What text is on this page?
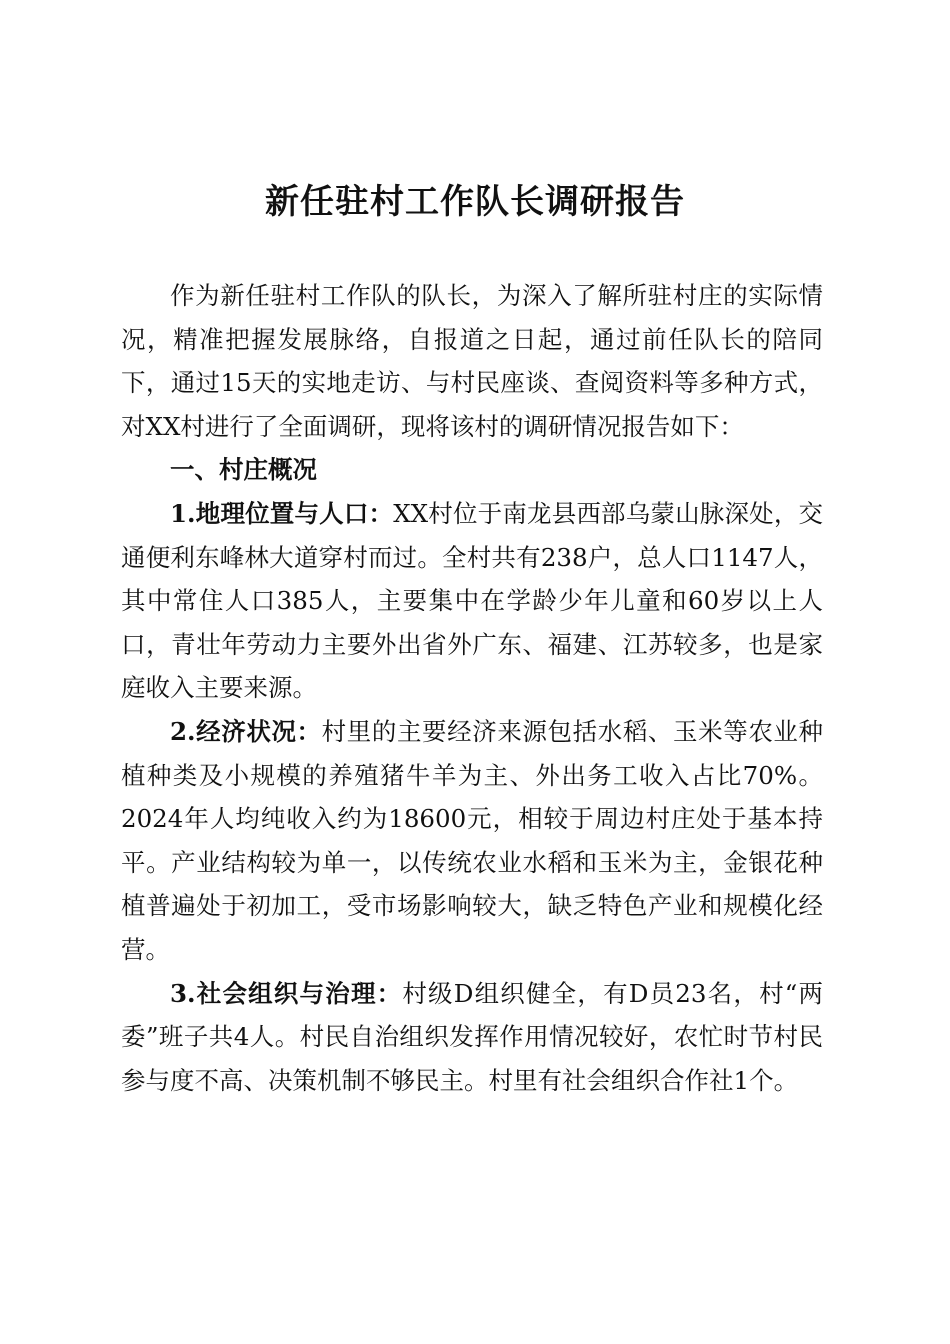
新任驻村工作队长调研报告

作为新任驻村工作队的队长，为深入了解所驻村庄的实际情况，精准把握发展脉络，自报道之日起，通过前任队长的陪同下，通过15天的实地走访、与村民座谈、查阅资料等多种方式，对XX村进行了全面调研，现将该村的调研情况报告如下：

一、村庄概况

1.地理位置与人口：XX村位于南龙县西部乌蒙山脉深处，交通便利东峰林大道穿村而过。全村共有238户，总人口1147人，其中常住人口385人，主要集中在学龄少年儿童和60岁以上人口，青壮年劳动力主要外出省外广东、福建、江苏较多，也是家庭收入主要来源。

2.经济状况：村里的主要经济来源包括水稻、玉米等农业种植种类及小规模的养殖猪牛羊为主、外出务工收入占比70%。2024年人均纯收入约为18600元，相较于周边村庄处于基本持平。产业结构较为单一，以传统农业水稻和玉米为主，金银花种植普遍处于初加工，受市场影响较大，缺乏特色产业和规模化经营。

3.社会组织与治理：村级D组织健全，有D员23名，村“两委”班子共4人。村民自治组织发挥作用情况较好，农忙时节村民参与度不高、决策机制不够民主。村里有社会组织合作社1个。
